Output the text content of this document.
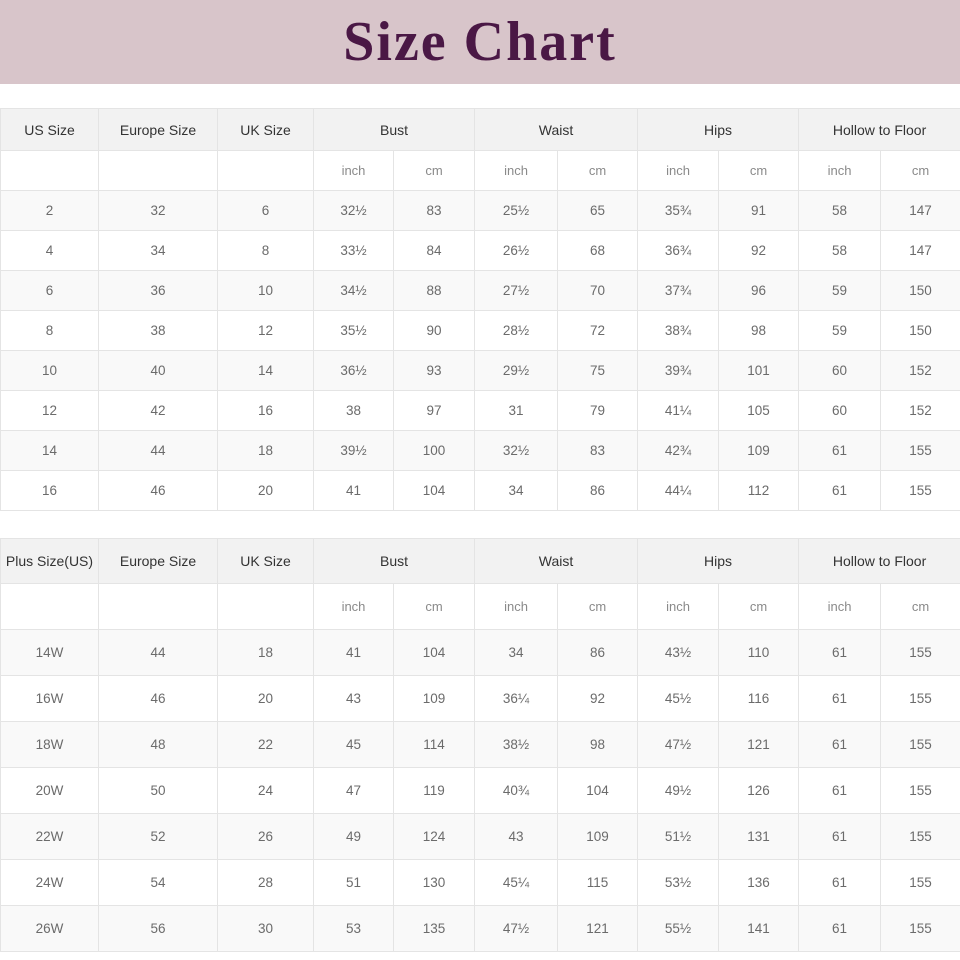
Size Chart
US Size	Europe Size	UK Size	Bust		Waist		Hips		Hollow to Floor	
			inch	cm	inch	cm	inch	cm	inch	cm
2	32	6	32½	83	25½	65	35¾	91	58	147
4	34	8	33½	84	26½	68	36¾	92	58	147
6	36	10	34½	88	27½	70	37¾	96	59	150
8	38	12	35½	90	28½	72	38¾	98	59	150
10	40	14	36½	93	29½	75	39¾	101	60	152
12	42	16	38	97	31	79	41¼	105	60	152
14	44	18	39½	100	32½	83	42¾	109	61	155
16	46	20	41	104	34	86	44¼	112	61	155
Plus Size(US)	Europe Size	UK Size	Bust		Waist		Hips		Hollow to Floor	
			inch	cm	inch	cm	inch	cm	inch	cm
14W	44	18	41	104	34	86	43½	110	61	155
16W	46	20	43	109	36¼	92	45½	116	61	155
18W	48	22	45	114	38½	98	47½	121	61	155
20W	50	24	47	119	40¾	104	49½	126	61	155
22W	52	26	49	124	43	109	51½	131	61	155
24W	54	28	51	130	45¼	115	53½	136	61	155
26W	56	30	53	135	47½	121	55½	141	61	155
